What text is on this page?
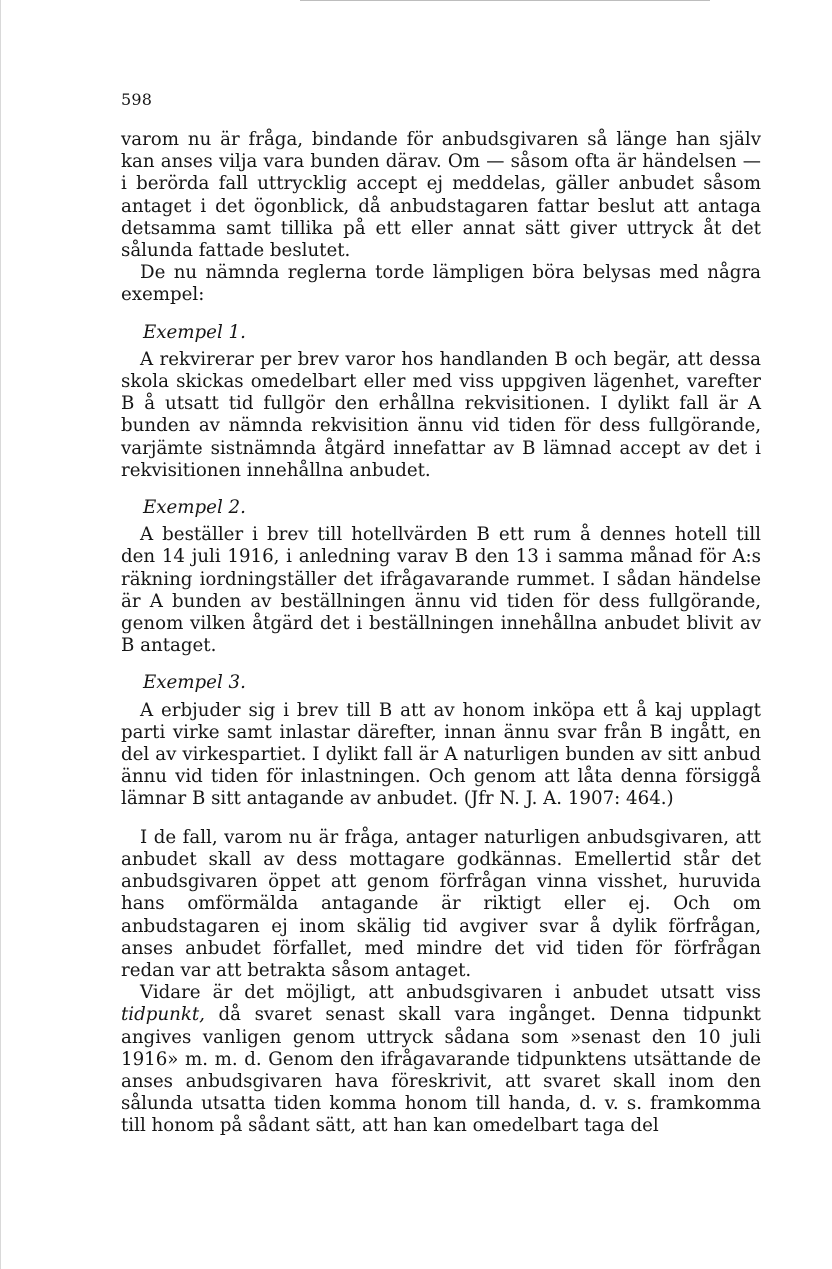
598

varom nu är fråga, bindande för anbudsgivaren så länge han själv kan anses vilja vara bunden därav. Om — såsom ofta är händelsen — i berörda fall uttrycklig accept ej meddelas, gäller anbudet såsom antaget i det ögonblick, då anbudstagaren fattar beslut att antaga detsamma samt tillika på ett eller annat sätt giver uttryck åt det sålunda fattade beslutet.

De nu nämnda reglerna torde lämpligen böra belysas med några exempel:

Exempel 1.

A rekvirerar per brev varor hos handlanden B och begär, att dessa skola skickas omedelbart eller med viss uppgiven lägenhet, varefter B å utsatt tid fullgör den erhållna rekvisitionen. I dylikt fall är A bunden av nämnda rekvisition ännu vid tiden för dess fullgörande, varjämte sistnämnda åtgärd innefattar av B lämnad accept av det i rekvisitionen innehållna anbudet.

Exempel 2.

A beställer i brev till hotellvärden B ett rum å dennes hotell till den 14 juli 1916, i anledning varav B den 13 i samma månad för A:s räkning iordningställer det ifrågavarande rummet. I sådan händelse är A bunden av beställningen ännu vid tiden för dess fullgörande, genom vilken åtgärd det i beställningen innehållna anbudet blivit av B antaget.

Exempel 3.

A erbjuder sig i brev till B att av honom inköpa ett å kaj upplagt parti virke samt inlastar därefter, innan ännu svar från B ingått, en del av virkespartiet. I dylikt fall är A naturligen bunden av sitt anbud ännu vid tiden för inlastningen. Och genom att låta denna försiggå lämnar B sitt antagande av anbudet. (Jfr N. J. A. 1907: 464.)

I de fall, varom nu är fråga, antager naturligen anbudsgivaren, att anbudet skall av dess mottagare godkännas. Emellertid står det anbudsgivaren öppet att genom förfrågan vinna visshet, huruvida hans omförmälda antagande är riktigt eller ej. Och om anbudstagaren ej inom skälig tid avgiver svar å dylik förfrågan, anses anbudet förfallet, med mindre det vid tiden för förfrågan redan var att betrakta såsom antaget.

Vidare är det möjligt, att anbudsgivaren i anbudet utsatt viss tidpunkt, då svaret senast skall vara ingånget. Denna tidpunkt angives vanligen genom uttryck sådana som »senast den 10 juli 1916» m. m. d. Genom den ifrågavarande tidpunktens utsättande de anses anbudsgivaren hava föreskrivit, att svaret skall inom den sålunda utsatta tiden komma honom till handa, d. v. s. framkomma till honom på sådant sätt, att han kan omedelbart taga del
